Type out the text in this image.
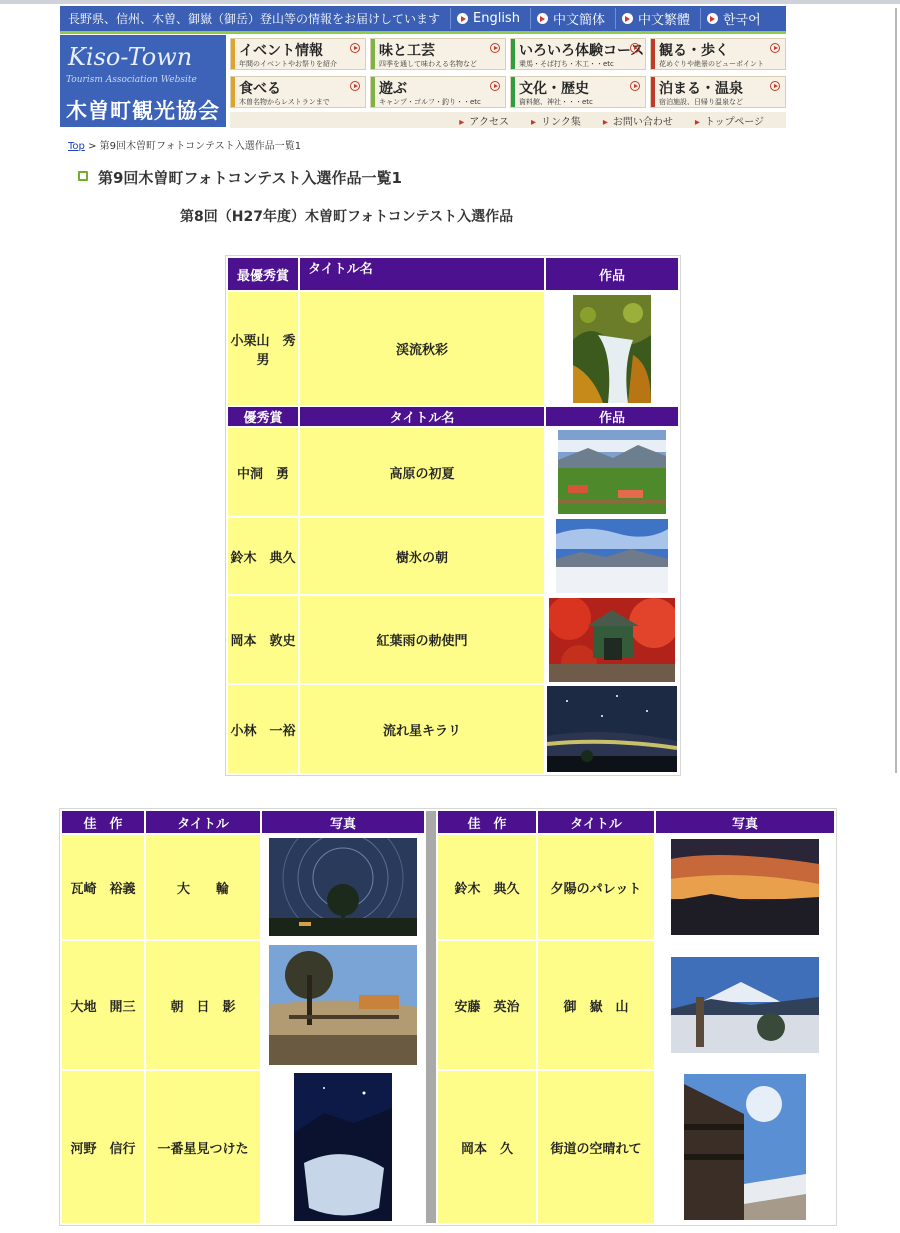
長野県、信州、木曽、御嶽（御岳）登山等の情報をお届けしています	English	中文簡体	中文繁體	한국어
Kiso-Town
Tourism Association Website
木曽町観光協会
イベント情報
年間のイベントやお祭りを紹介
味と工芸
四季を通して味わえる名物など
いろいろ体験コース
乗馬・そば打ち・木工・・etc
観る・歩く
花めぐりや絶景のビューポイント
食べる
木曽名物からレストランまで
遊ぶ
キャンプ・ゴルフ・釣り・・etc
文化・歴史
資料館、神社・・・etc
泊まる・温泉
宿泊施設、日帰り温泉など
▸ アクセス	▸ リンク集	▸ お問い合わせ	▸ トップページ
Top > 第9回木曽町フォトコンテスト入選作品一覧1
第9回木曽町フォトコンテスト入選作品一覧1
第8回（H27年度）木曽町フォトコンテスト入選作品
最優秀賞	タイトル名	作品
小栗山　秀男	渓流秋彩	

優秀賞	タイトル名	作品
中洞　勇	高原の初夏	

鈴木　典久	樹氷の朝	

岡本　敦史	紅葉雨の勅使門	

小林　一裕	流れ星キラリ	
佳　作	タイトル	写真		佳　作	タイトル	写真
瓦崎　裕義	大　　輪			鈴木　典久	夕陽のパレット	

大地　開三	朝　日　影			安藤　英治	御　嶽　山	

河野　信行	一番星見つけた			岡本　久	街道の空晴れて	
